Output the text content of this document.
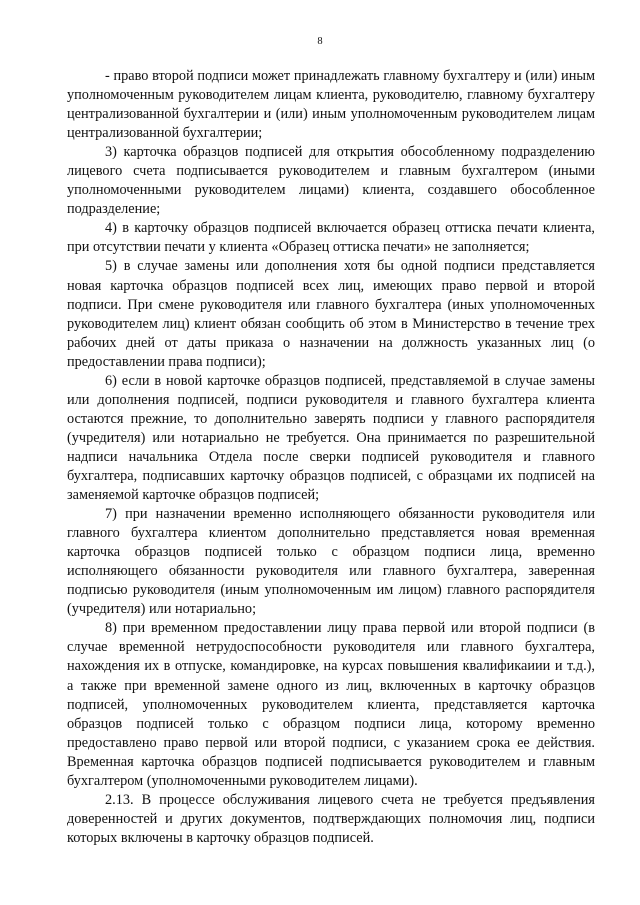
8

- право второй подписи может принадлежать главному бухгалтеру и (или) иным уполномоченным руководителем лицам клиента, руководителю, главному бухгалтеру централизованной бухгалтерии и (или) иным уполномоченным руководителем лицам централизованной бухгалтерии;

3) карточка образцов подписей для открытия обособленному подразделению лицевого счета подписывается руководителем и главным бухгалтером (иными уполномоченными руководителем лицами) клиента, создавшего обособленное подразделение;

4) в карточку образцов подписей включается образец оттиска печати клиента, при отсутствии печати у клиента «Образец оттиска печати» не заполняется;

5) в случае замены или дополнения хотя бы одной подписи представляется новая карточка образцов подписей всех лиц, имеющих право первой и второй подписи. При смене руководителя или главного бухгалтера (иных уполномоченных руководителем лиц) клиент обязан сообщить об этом в Министерство в течение трех рабочих дней от даты приказа о назначении на должность указанных лиц (о предоставлении права подписи);

6) если в новой карточке образцов подписей, представляемой в случае замены или дополнения подписей, подписи руководителя и главного бухгалтера клиента остаются прежние, то дополнительно заверять подписи у главного распорядителя (учредителя) или нотариально не требуется. Она принимается по разрешительной надписи начальника Отдела после сверки подписей руководителя и главного бухгалтера, подписавших карточку образцов подписей, с образцами их подписей на заменяемой карточке образцов подписей;

7) при назначении временно исполняющего обязанности руководителя или главного бухгалтера клиентом дополнительно представляется новая временная карточка образцов подписей только с образцом подписи лица, временно исполняющего обязанности руководителя или главного бухгалтера, заверенная подписью руководителя (иным уполномоченным им лицом) главного распорядителя (учредителя) или нотариально;

8) при временном предоставлении лицу права первой или второй подписи (в случае временной нетрудоспособности руководителя или главного бухгалтера, нахождения их в отпуске, командировке, на курсах повышения квалификаиии и т.д.), а также при временной замене одного из лиц, включенных в карточку образцов подписей, уполномоченных руководителем клиента, представляется карточка образцов подписей только с образцом подписи лица, которому временно предоставлено право первой или второй подписи, с указанием срока ее действия. Временная карточка образцов подписей подписывается руководителем и главным бухгалтером (уполномоченными руководителем лицами).

2.13. В процессе обслуживания лицевого счета не требуется предъявления доверенностей и других документов, подтверждающих полномочия лиц, подписи которых включены в карточку образцов подписей.
